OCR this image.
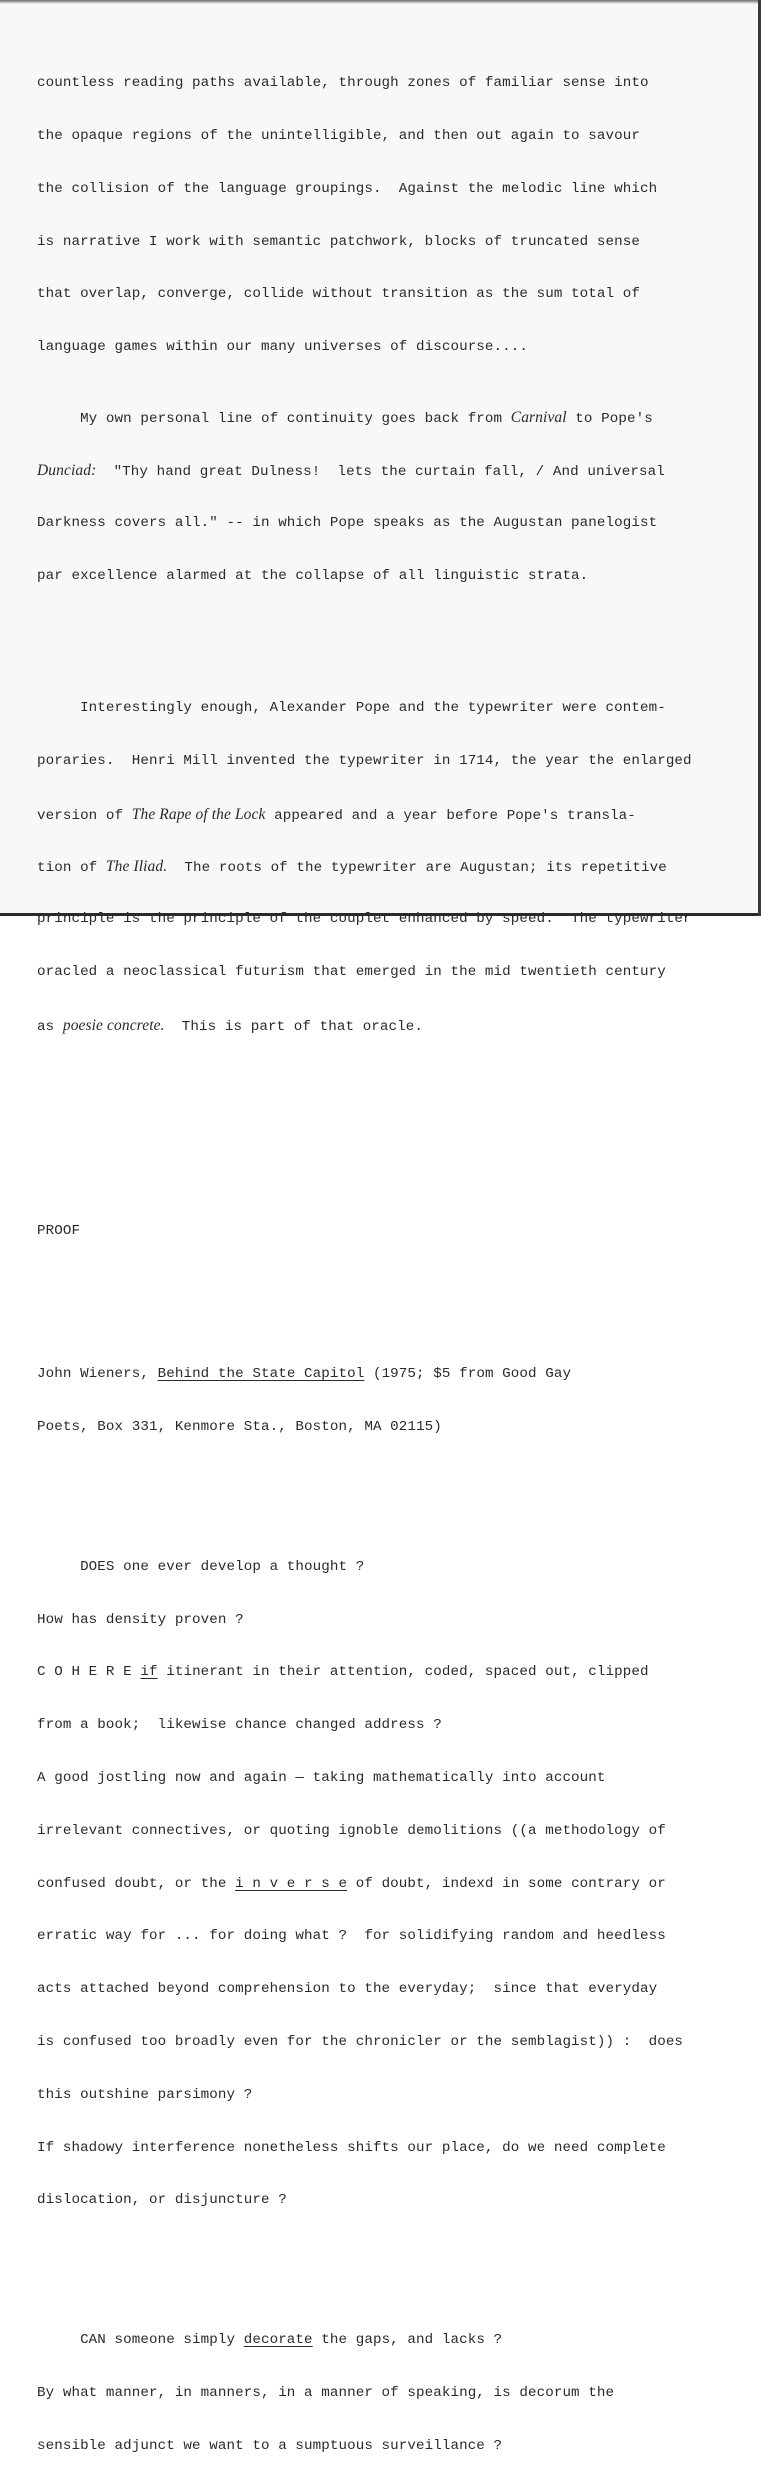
countless reading paths available, through zones of familiar sense into

the opaque regions of the unintelligible, and then out again to savour

the collision of the language groupings.  Against the melodic line which

is narrative I work with semantic patchwork, blocks of truncated sense

that overlap, converge, collide without transition as the sum total of

language games within our many universes of discourse....

My own personal line of continuity goes back from Carnival to Pope's

Dunciad:  "Thy hand great Dulness!  lets the curtain fall, / And universal

Darkness covers all." -- in which Pope speaks as the Augustan panelogist

par excellence alarmed at the collapse of all linguistic strata.

Interestingly enough, Alexander Pope and the typewriter were contem-

poraries.  Henri Mill invented the typewriter in 1714, the year the enlarged

version of The Rape of the Lock appeared and a year before Pope's transla-

tion of The Iliad.  The roots of the typewriter are Augustan; its repetitive

principle is the principle of the couplet enhanced by speed.  The typewriter

oracled a neoclassical futurism that emerged in the mid twentieth century

as poesie concrete.  This is part of that oracle.

PROOF

John Wieners, Behind the State Capitol (1975; $5 from Good Gay

Poets, Box 331, Kenmore Sta., Boston, MA 02115)

DOES one ever develop a thought ?

How has density proven ?

C O H E R E if itinerant in their attention, coded, spaced out, clipped

from a book;  likewise chance changed address ?

A good jostling now and again — taking mathematically into account

irrelevant connectives, or quoting ignoble demolitions ((a methodology of

confused doubt, or the i n v e r s e of doubt, indexd in some contrary or

erratic way for ... for doing what ?  for solidifying random and heedless

acts attached beyond comprehension to the everyday;  since that everyday

is confused too broadly even for the chronicler or the semblagist)) :  does

this outshine parsimony ?

If shadowy interference nonetheless shifts our place, do we need complete

dislocation, or disjuncture ?

CAN someone simply decorate the gaps, and lacks ?

By what manner, in manners, in a manner of speaking, is decorum the

sensible adjunct we want to a sumptuous surveillance ?
